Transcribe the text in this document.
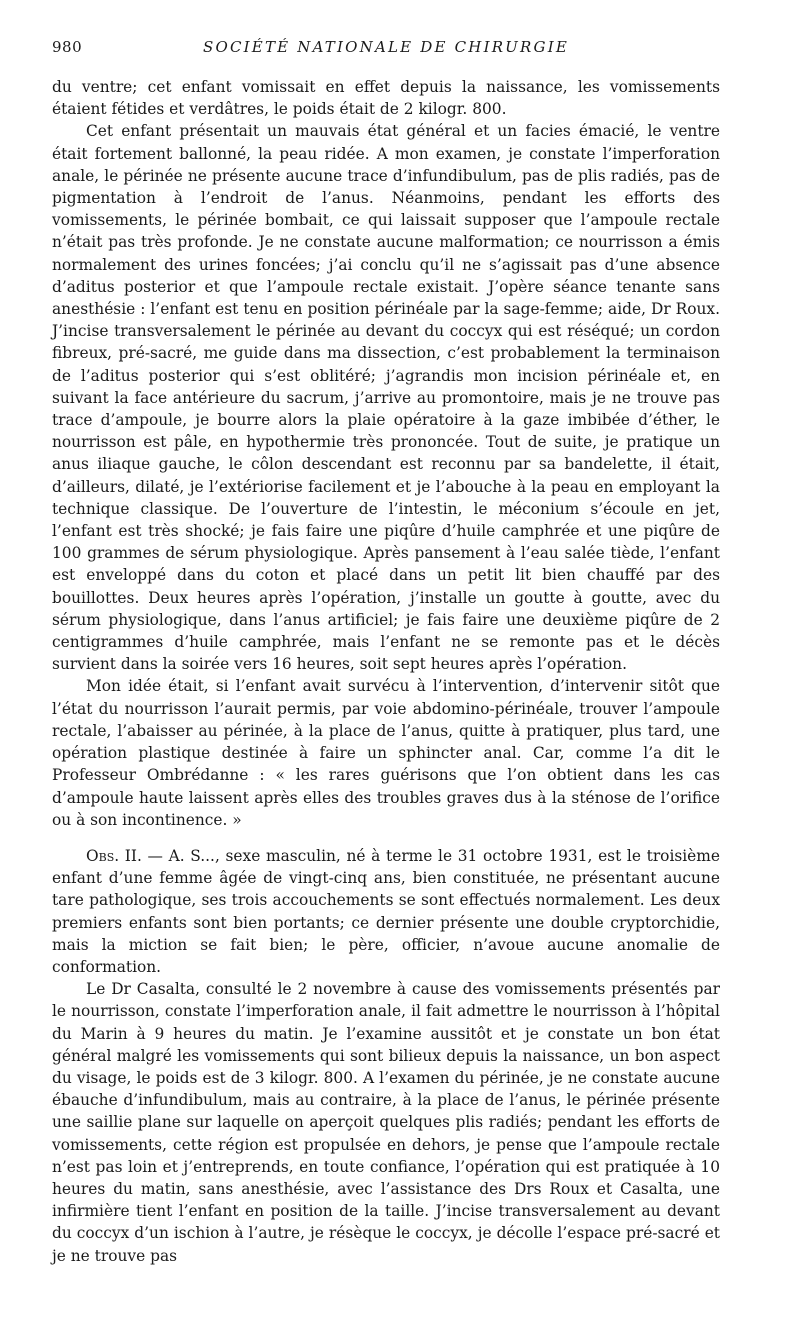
980	SOCIÉTÉ NATIONALE DE CHIRURGIE

du ventre; cet enfant vomissait en effet depuis la naissance, les vomissements étaient fétides et verdâtres, le poids était de 2 kilogr. 800.

Cet enfant présentait un mauvais état général et un facies émacié, le ventre était fortement ballonné, la peau ridée. A mon examen, je constate l’imperforation anale, le périnée ne présente aucune trace d’infundibulum, pas de plis radiés, pas de pigmentation à l’endroit de l’anus. Néanmoins, pendant les efforts des vomissements, le périnée bombait, ce qui laissait supposer que l’ampoule rectale n’était pas très profonde. Je ne constate aucune malformation; ce nourrisson a émis normalement des urines foncées; j’ai conclu qu’il ne s’agissait pas d’une absence d’aditus posterior et que l’ampoule rectale existait. J’opère séance tenante sans anesthésie : l’enfant est tenu en position périnéale par la sage-femme; aide, Dr Roux. J’incise transversalement le périnée au devant du coccyx qui est réséqué; un cordon fibreux, pré-sacré, me guide dans ma dissection, c’est probablement la terminaison de l’aditus posterior qui s’est oblitéré; j’agrandis mon incision périnéale et, en suivant la face antérieure du sacrum, j’arrive au promontoire, mais je ne trouve pas trace d’ampoule, je bourre alors la plaie opératoire à la gaze imbibée d’éther, le nourrisson est pâle, en hypothermie très prononcée. Tout de suite, je pratique un anus iliaque gauche, le côlon descendant est reconnu par sa bandelette, il était, d’ailleurs, dilaté, je l’extériorise facilement et je l’abouche à la peau en employant la technique classique. De l’ouverture de l’intestin, le méconium s’écoule en jet, l’enfant est très shocké; je fais faire une piqûre d’huile camphrée et une piqûre de 100 grammes de sérum physiologique. Après pansement à l’eau salée tiède, l’enfant est enveloppé dans du coton et placé dans un petit lit bien chauffé par des bouillottes. Deux heures après l’opération, j’installe un goutte à goutte, avec du sérum physiologique, dans l’anus artificiel; je fais faire une deuxième piqûre de 2 centigrammes d’huile camphrée, mais l’enfant ne se remonte pas et le décès survient dans la soirée vers 16 heures, soit sept heures après l’opération.

Mon idée était, si l’enfant avait survécu à l’intervention, d’intervenir sitôt que l’état du nourrisson l’aurait permis, par voie abdomino-périnéale, trouver l’ampoule rectale, l’abaisser au périnée, à la place de l’anus, quitte à pratiquer, plus tard, une opération plastique destinée à faire un sphincter anal. Car, comme l’a dit le Professeur Ombrédanne : « les rares guérisons que l’on obtient dans les cas d’ampoule haute laissent après elles des troubles graves dus à la sténose de l’orifice ou à son incontinence. »

Obs. II. — A. S..., sexe masculin, né à terme le 31 octobre 1931, est le troisième enfant d’une femme âgée de vingt-cinq ans, bien constituée, ne présentant aucune tare pathologique, ses trois accouchements se sont effectués normalement. Les deux premiers enfants sont bien portants; ce dernier présente une double cryptorchidie, mais la miction se fait bien; le père, officier, n’avoue aucune anomalie de conformation.

Le Dr Casalta, consulté le 2 novembre à cause des vomissements présentés par le nourrisson, constate l’imperforation anale, il fait admettre le nourrisson à l’hôpital du Marin à 9 heures du matin. Je l’examine aussitôt et je constate un bon état général malgré les vomissements qui sont bilieux depuis la naissance, un bon aspect du visage, le poids est de 3 kilogr. 800. A l’examen du périnée, je ne constate aucune ébauche d’infundibulum, mais au contraire, à la place de l’anus, le périnée présente une saillie plane sur laquelle on aperçoit quelques plis radiés; pendant les efforts de vomissements, cette région est propulsée en dehors, je pense que l’ampoule rectale n’est pas loin et j’entreprends, en toute confiance, l’opération qui est pratiquée à 10 heures du matin, sans anesthésie, avec l’assistance des Drs Roux et Casalta, une infirmière tient l’enfant en position de la taille. J’incise transversalement au devant du coccyx d’un ischion à l’autre, je résèque le coccyx, je décolle l’espace pré-sacré et je ne trouve pas
